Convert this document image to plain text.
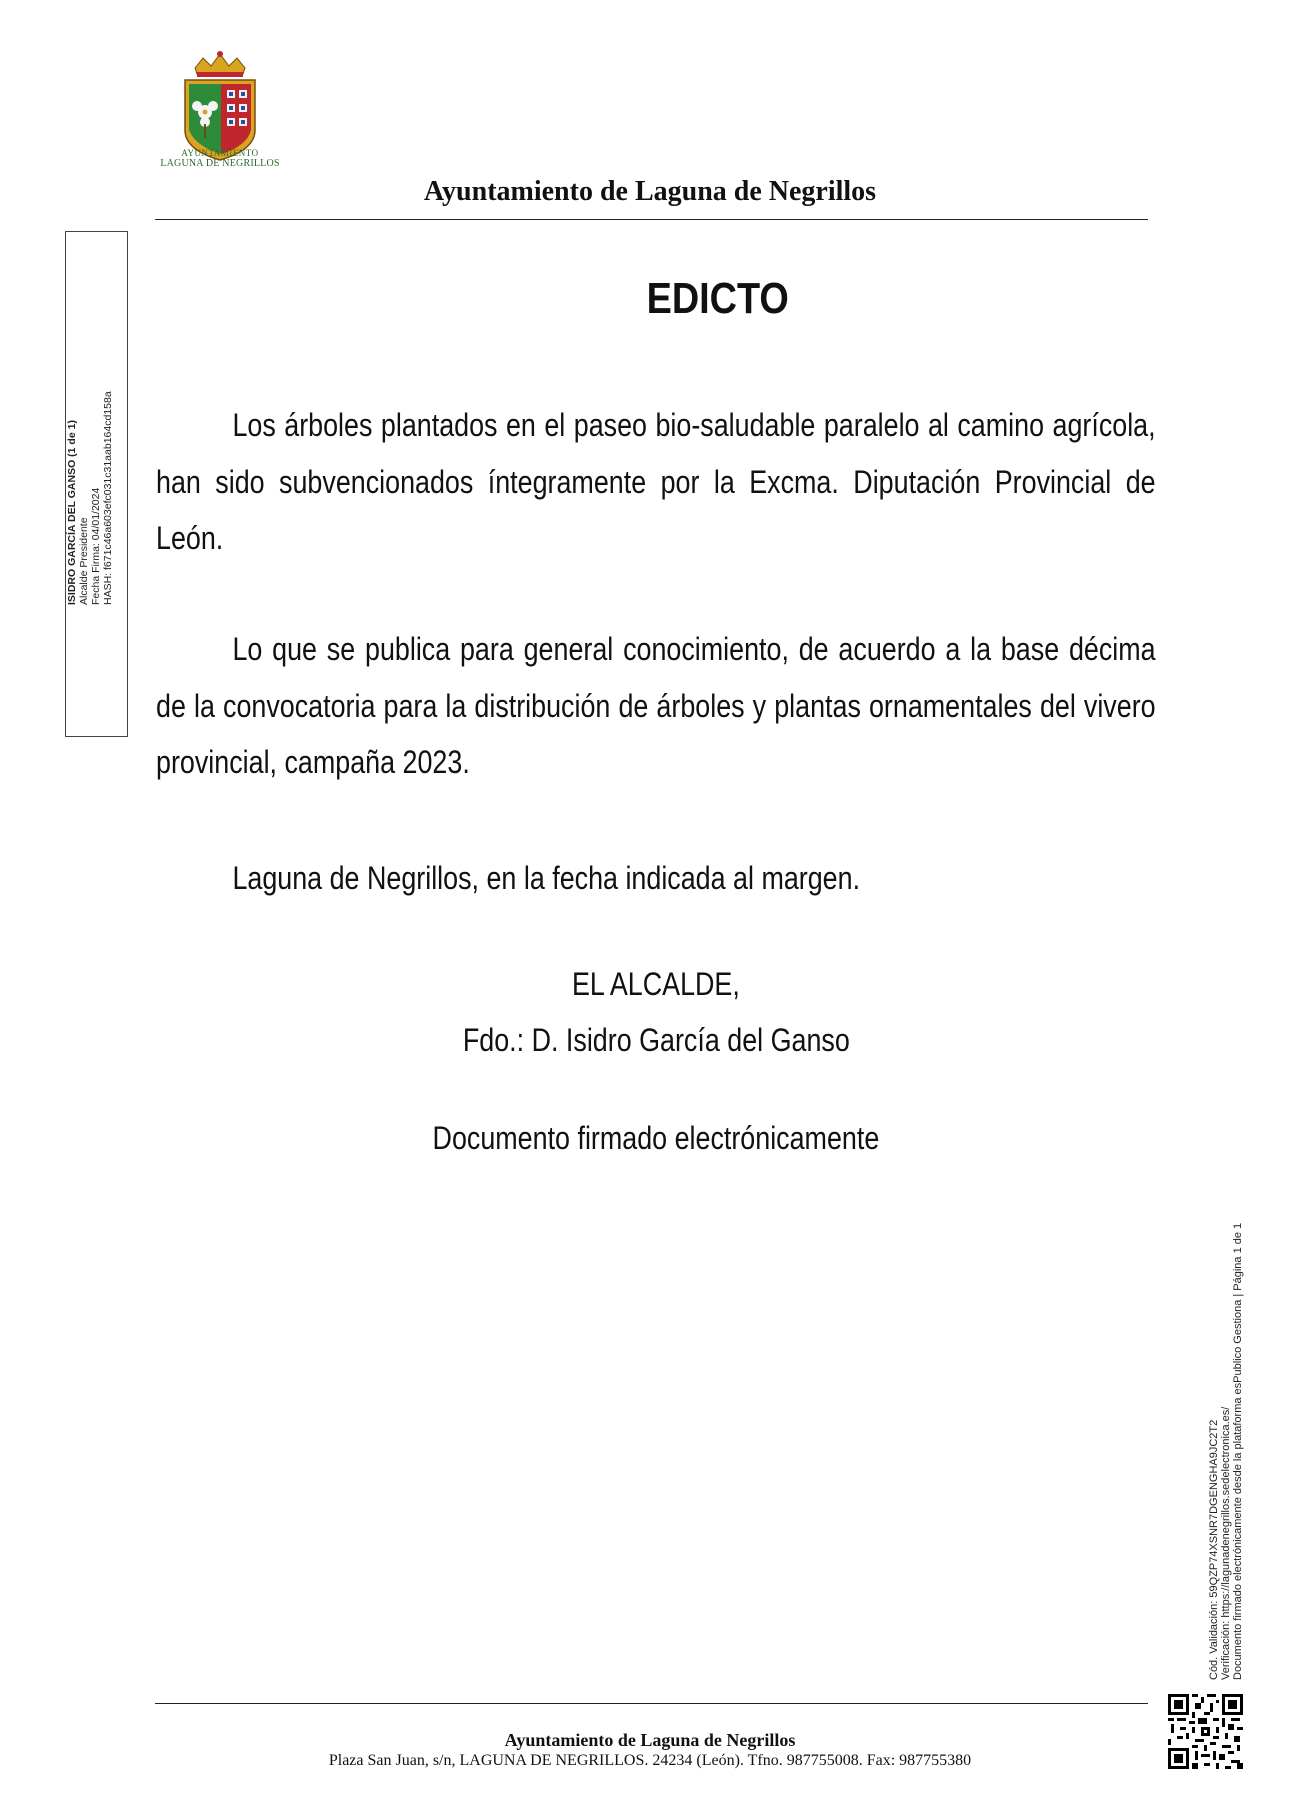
AYUNTAMIENTO
LAGUNA DE NEGRILLOS
Ayuntamiento de Laguna de Negrillos
ISIDRO GARCÍA DEL GANSO (1 de 1) Alcalde Presidente Fecha Firma: 04/01/2024 HASH: f671c46a603efc031c31aab164cd158a
EDICTO
Los árboles plantados en el paseo bio-saludable paralelo al camino agrícola, han sido subvencionados íntegramente por la Excma. Diputación Provincial de León.
Lo que se publica para general conocimiento, de acuerdo a la base décima de la convocatoria para la distribución de árboles y plantas ornamentales del vivero provincial, campaña 2023.
Laguna de Negrillos, en la fecha indicada al margen.
EL ALCALDE,
Fdo.: D. Isidro García del Ganso
Documento firmado electrónicamente
Cód. Validación: 59QZP74XSNR7DGENGHA9JC2T2 Verificación: https://lagunadenegrillos.sedelectronica.es/ Documento firmado electrónicamente desde la plataforma esPublico Gestiona | Página 1 de 1
Ayuntamiento de Laguna de Negrillos
Plaza San Juan, s/n, LAGUNA DE NEGRILLOS. 24234 (León). Tfno. 987755008. Fax: 987755380
